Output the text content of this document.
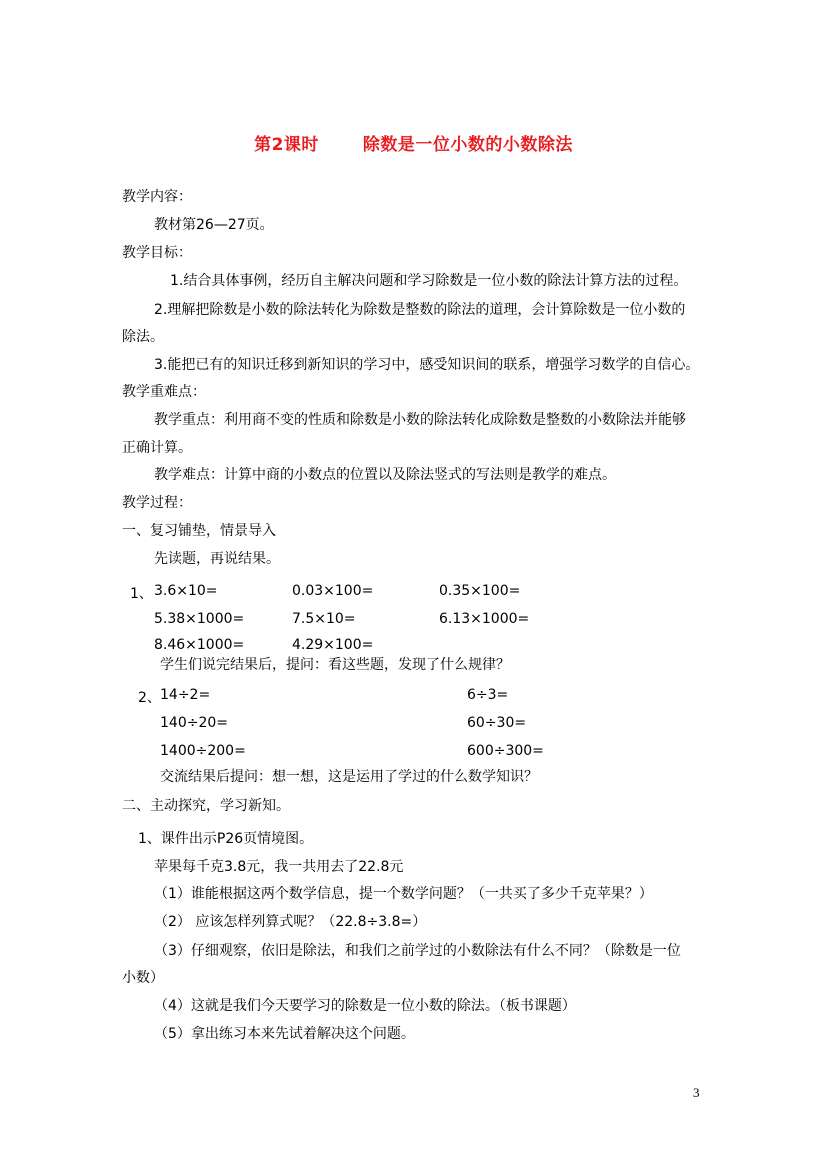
第2课时	除数是一位小数的小数除法
教学内容：
教材第26—27页。
教学目标：
1.结合具体事例，经历自主解决问题和学习除数是一位小数的除法计算方法的过程。
2.理解把除数是小数的除法转化为除数是整数的除法的道理，会计算除数是一位小数的
除法。
3.能把已有的知识迁移到新知识的学习中，感受知识间的联系，增强学习数学的自信心。
教学重难点：
教学重点：利用商不变的性质和除数是小数的除法转化成除数是整数的小数除法并能够
正确计算。
教学难点：计算中商的小数点的位置以及除法竖式的写法则是教学的难点。
教学过程：
一、复习铺垫，情景导入
先读题，再说结果。
1、 3.6×10=	0.03×100=	0.35×100=
5.38×1000=	7.5×10=	6.13×1000=
8.46×1000=	4.29×100=
学生们说完结果后，提问：看这些题，发现了什么规律？
2、 14÷2=	6÷3=
140÷20=	60÷30=
1400÷200=	600÷300=
交流结果后提问：想一想，这是运用了学过的什么数学知识？
二、主动探究，学习新知。
1、课件出示P26页情境图。
苹果每千克3.8元，我一共用去了22.8元
（1）谁能根据这两个数学信息，提一个数学问题？（一共买了多少千克苹果？）
（2） 应该怎样列算式呢？（22.8÷3.8=）
（3）仔细观察，依旧是除法，和我们之前学过的小数除法有什么不同？（除数是一位
小数）
（4）这就是我们今天要学习的除数是一位小数的除法。（板书课题）
（5）拿出练习本来先试着解决这个问题。
3
